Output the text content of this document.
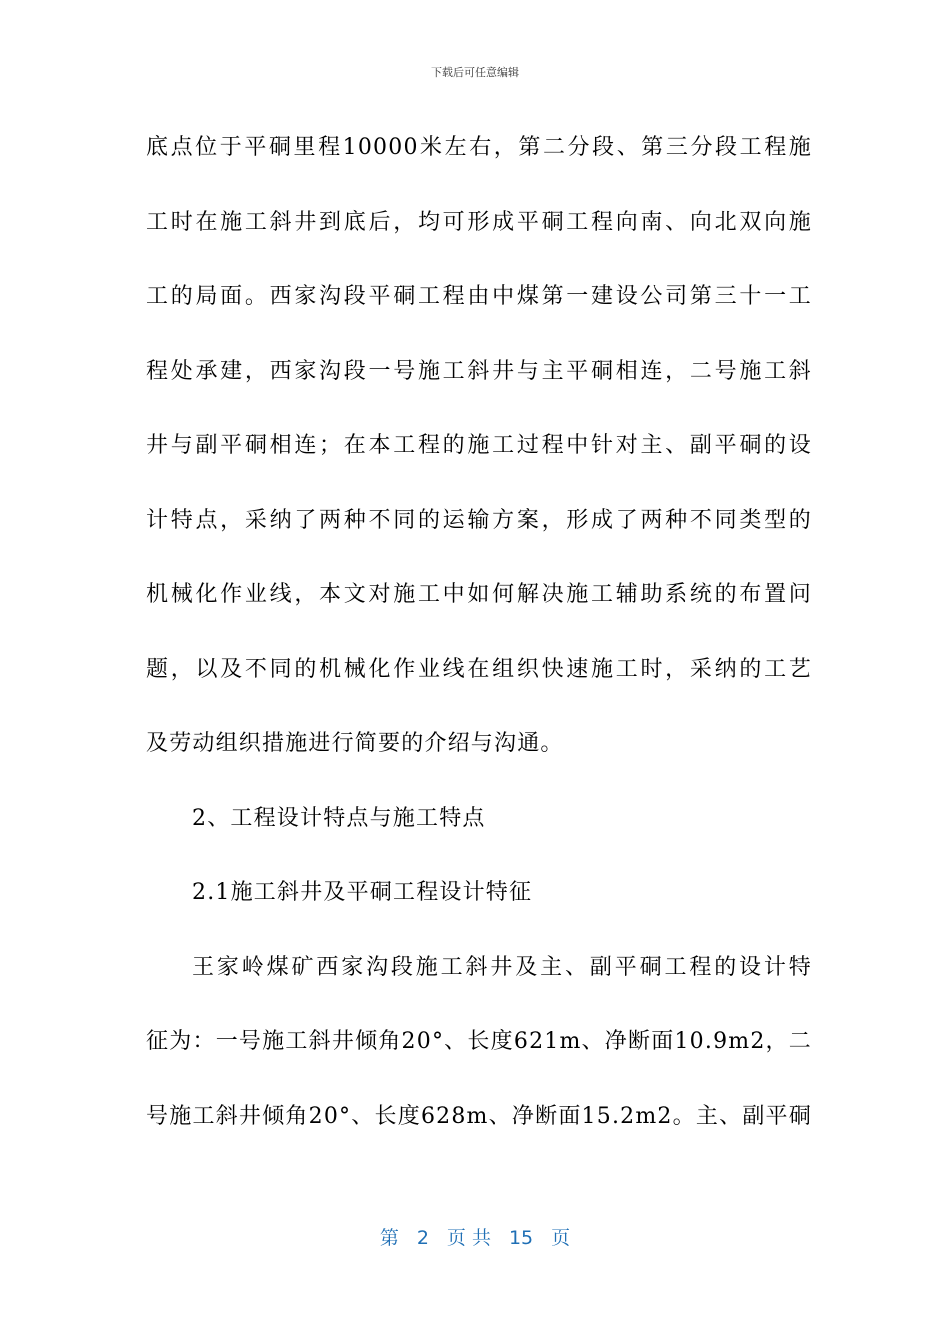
下载后可任意编辑
底点位于平硐里程10000米左右，第二分段、第三分段工程施
工时在施工斜井到底后，均可形成平硐工程向南、向北双向施
工的局面。西家沟段平硐工程由中煤第一建设公司第三十一工
程处承建，西家沟段一号施工斜井与主平硐相连，二号施工斜
井与副平硐相连；在本工程的施工过程中针对主、副平硐的设
计特点，采纳了两种不同的运输方案，形成了两种不同类型的
机械化作业线，本文对施工中如何解决施工辅助系统的布置问
题，以及不同的机械化作业线在组织快速施工时，采纳的工艺
及劳动组织措施进行简要的介绍与沟通。
2、工程设计特点与施工特点
2.1施工斜井及平硐工程设计特征
王家岭煤矿西家沟段施工斜井及主、副平硐工程的设计特
征为：一号施工斜井倾角20°、长度621m、净断面10.9m2，二
号施工斜井倾角20°、长度628m、净断面15.2m2。主、副平硐
第 2 页 共 15 页
